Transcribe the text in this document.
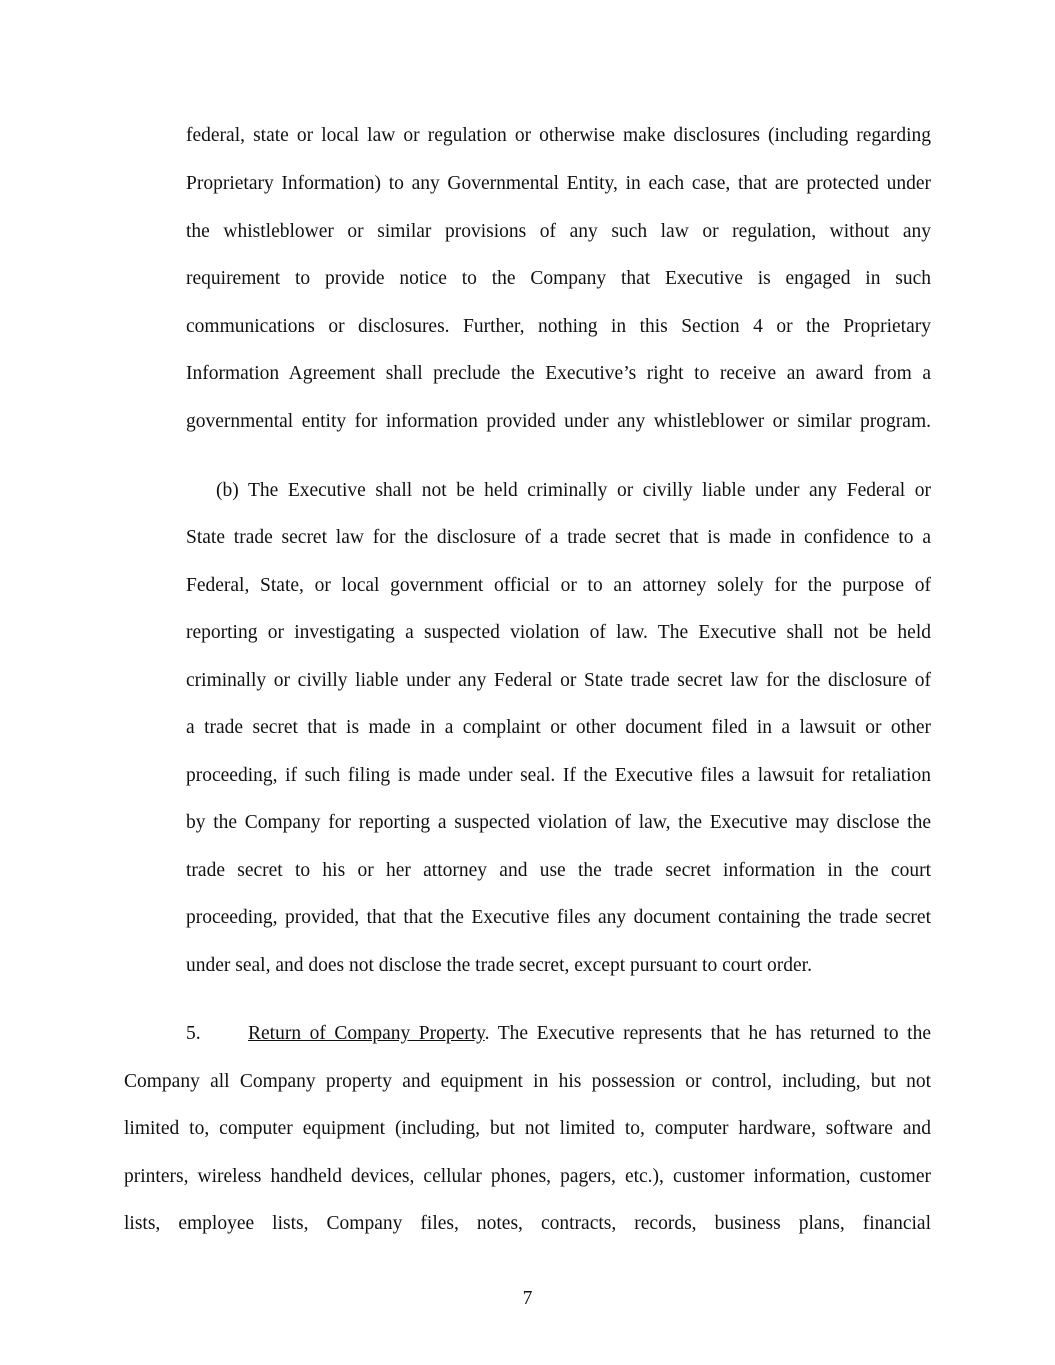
federal, state or local law or regulation or otherwise make disclosures (including regarding
Proprietary Information) to any Governmental Entity, in each case, that are protected under
the whistleblower or similar provisions of any such law or regulation, without any
requirement to provide notice to the Company that Executive is engaged in such
communications or disclosures. Further, nothing in this Section 4 or the Proprietary
Information Agreement shall preclude the Executive’s right to receive an award from a
governmental entity for information provided under any whistleblower or similar program.
(b) The Executive shall not be held criminally or civilly liable under any Federal or
State trade secret law for the disclosure of a trade secret that is made in confidence to a
Federal, State, or local government official or to an attorney solely for the purpose of
reporting or investigating a suspected violation of law. The Executive shall not be held
criminally or civilly liable under any Federal or State trade secret law for the disclosure of
a trade secret that is made in a complaint or other document filed in a lawsuit or other
proceeding, if such filing is made under seal. If the Executive files a lawsuit for retaliation
by the Company for reporting a suspected violation of law, the Executive may disclose the
trade secret to his or her attorney and use the trade secret information in the court
proceeding, provided, that that the Executive files any document containing the trade secret
under seal, and does not disclose the trade secret, except pursuant to court order.
5. Return of Company Property. The Executive represents that he has returned to the
Company all Company property and equipment in his possession or control, including, but not
limited to, computer equipment (including, but not limited to, computer hardware, software and
printers, wireless handheld devices, cellular phones, pagers, etc.), customer information, customer
lists, employee lists, Company files, notes, contracts, records, business plans, financial
7
